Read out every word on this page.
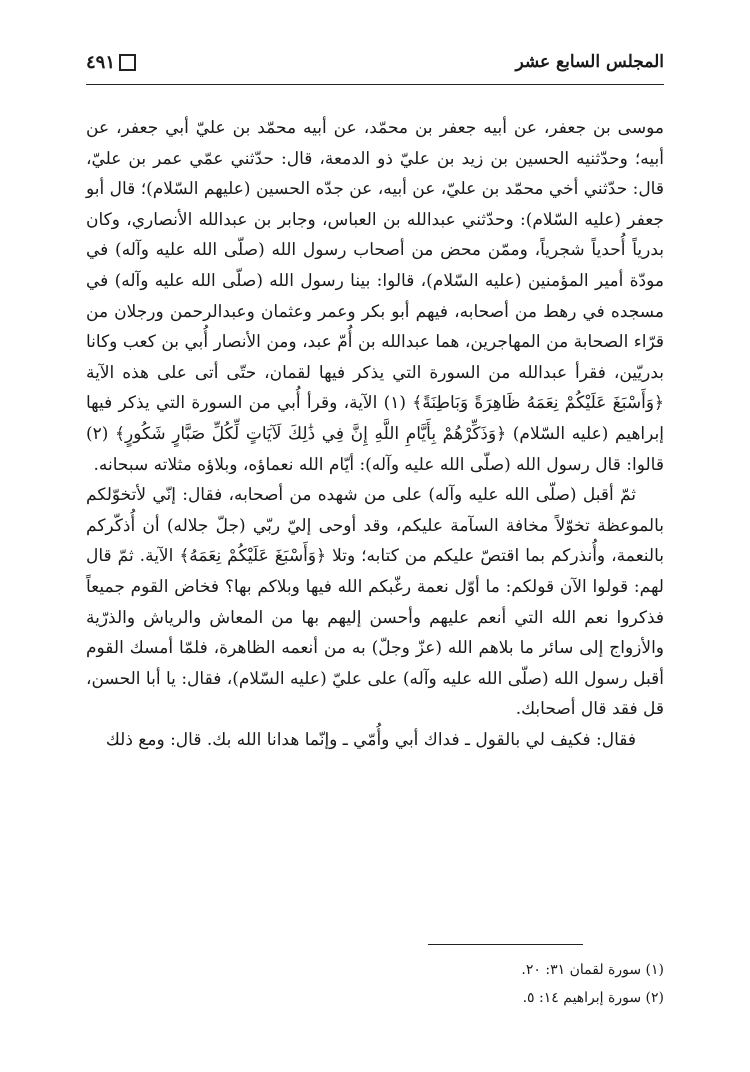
المجلس السابع عشر
٤٩١

موسى بن جعفر، عن أبيه جعفر بن محمّد، عن أبيه محمّد بن عليّ أبي جعفر، عن أبيه؛ وحدّثنيه الحسين بن زيد بن عليّ ذو الدمعة، قال: حدّثني عمّي عمر بن عليّ، قال: حدّثني أخي محمّد بن عليّ، عن أبيه، عن جدّه الحسين (عليهم السّلام)؛ قال أبو جعفر (عليه السّلام): وحدّثني عبدالله بن العباس، وجابر بن عبدالله الأنصاري، وكان بدرياً أُحدياً شجرياً، وممّن محض من أصحاب رسول الله (صلّى الله عليه وآله) في مودّة أمير المؤمنين (عليه السّلام)، قالوا: بينا رسول الله (صلّى الله عليه وآله) في مسجده في رهط من أصحابه، فيهم أبو بكر وعمر وعثمان وعبدالرحمن ورجلان من قرّاء الصحابة من المهاجرين، هما عبدالله بن أُمّ عبد، ومن الأنصار أُبي بن كعب وكانا بدريّين، فقرأ عبدالله من السورة التي يذكر فيها لقمان، حتّى أتى على هذه الآية ﴿وَأَسْبَغَ عَلَيْكُمْ نِعَمَهُ ظَاهِرَةً وَبَاطِنَةً﴾ (١) الآية، وقرأ أُبي من السورة التي يذكر فيها إبراهيم (عليه السّلام) ﴿وَذَكِّرْهُمْ بِأَيَّامِ اللَّهِ إِنَّ فِي ذَٰلِكَ لَآيَاتٍ لِّكُلِّ صَبَّارٍ شَكُورٍ﴾ (٢) قالوا: قال رسول الله (صلّى الله عليه وآله): أيّام الله نعماؤه، وبلاؤه مثلاته سبحانه.

ثمّ أقبل (صلّى الله عليه وآله) على من شهده من أصحابه، فقال: إنّي لأتخوّلكم بالموعظة تخوّلاً مخافة السآمة عليكم، وقد أوحى إليّ ربّي (جلّ جلاله) أن أُذكّركم بالنعمة، وأُنذركم بما اقتصّ عليكم من كتابه؛ وتلا ﴿وَأَسْبَغَ عَلَيْكُمْ نِعَمَهُ﴾ الآية. ثمّ قال لهم: قولوا الآن قولكم: ما أوّل نعمة رغّبكم الله فيها وبلاكم بها؟ فخاض القوم جميعاً فذكروا نعم الله التي أنعم عليهم وأحسن إليهم بها من المعاش والرياش والذرّية والأزواج إلى سائر ما بلاهم الله (عزّ وجلّ) به من أنعمه الظاهرة، فلمّا أمسك القوم أقبل رسول الله (صلّى الله عليه وآله) على عليّ (عليه السّلام)، فقال: يا أبا الحسن، قل فقد قال أصحابك.

فقال: فكيف لي بالقول ـ فداك أبي وأُمّي ـ وإنّما هدانا الله بك. قال: ومع ذلك

(١) سورة لقمان ٣١: ٢٠.
(٢) سورة إبراهيم ١٤: ٥.
